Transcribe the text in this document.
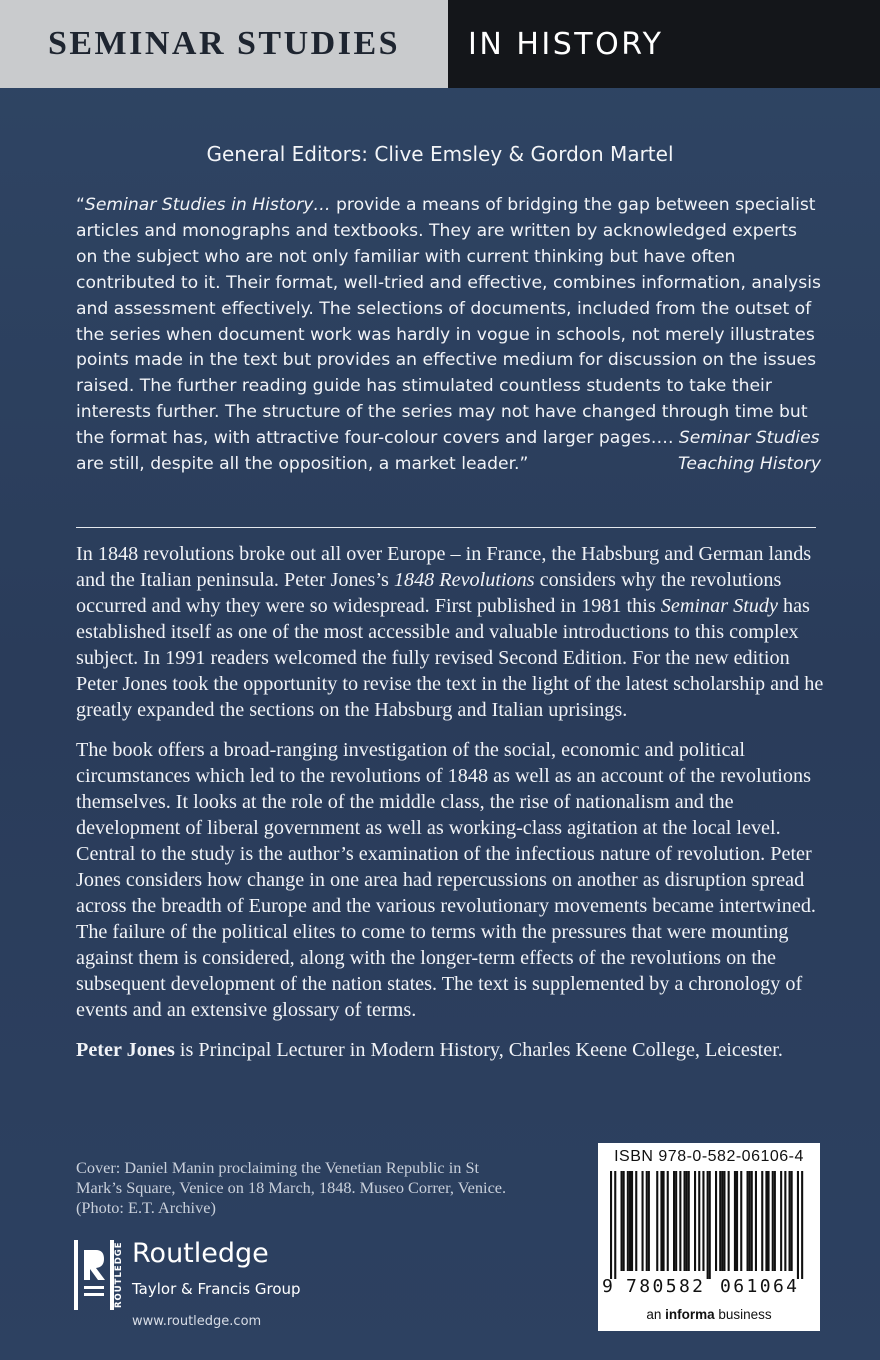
SEMINAR STUDIES IN HISTORY
General Editors: Clive Emsley & Gordon Martel
“Seminar Studies in History… provide a means of bridging the gap between specialist articles and monographs and textbooks. They are written by acknowledged experts on the subject who are not only familiar with current thinking but have often contributed to it. Their format, well-tried and effective, combines information, analysis and assessment effectively. The selections of documents, included from the outset of the series when document work was hardly in vogue in schools, not merely illustrates points made in the text but provides an effective medium for discussion on the issues raised. The further reading guide has stimulated countless students to take their interests further. The structure of the series may not have changed through time but the format has, with attractive four-colour covers and larger pages…. Seminar Studies are still, despite all the opposition, a market leader.”	Teaching History

In 1848 revolutions broke out all over Europe – in France, the Habsburg and German lands and the Italian peninsula. Peter Jones’s 1848 Revolutions considers why the revolutions occurred and why they were so widespread. First published in 1981 this Seminar Study has established itself as one of the most accessible and valuable introductions to this complex subject. In 1991 readers welcomed the fully revised Second Edition. For the new edition Peter Jones took the opportunity to revise the text in the light of the latest scholarship and he greatly expanded the sections on the Habsburg and Italian uprisings.

The book offers a broad-ranging investigation of the social, economic and political circumstances which led to the revolutions of 1848 as well as an account of the revolutions themselves. It looks at the role of the middle class, the rise of nationalism and the development of liberal government as well as working-class agitation at the local level. Central to the study is the author’s examination of the infectious nature of revolution. Peter Jones considers how change in one area had repercussions on another as disruption spread across the breadth of Europe and the various revolutionary movements became intertwined. The failure of the political elites to come to terms with the pressures that were mounting against them is considered, along with the longer-term effects of the revolutions on the subsequent development of the nation states. The text is supplemented by a chronology of events and an extensive glossary of terms.

Peter Jones is Principal Lecturer in Modern History, Charles Keene College, Leicester.

Cover: Daniel Manin proclaiming the Venetian Republic in St Mark’s Square, Venice on 18 March, 1848. Museo Correr, Venice. (Photo: E.T. Archive)
ROUTLEDGE Routledge
Taylor & Francis Group
www.routledge.com
ISBN 978-0-582-06106-4
9 780582 061064
an informa business
